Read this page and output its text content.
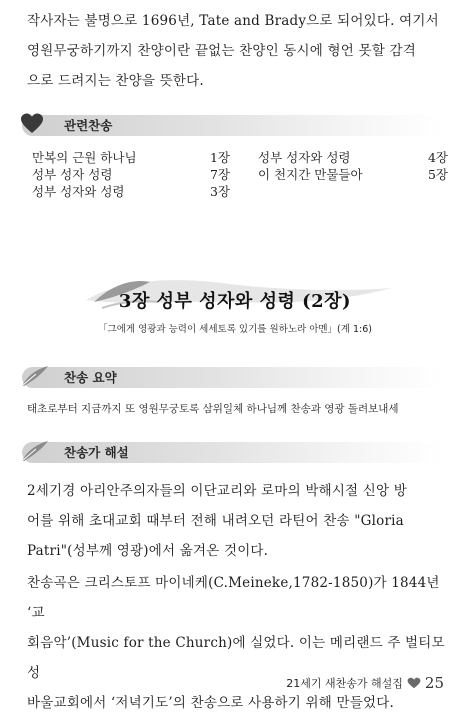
작사자는 불명으로 1696년, Tate and Brady으로 되어있다. 여기서
영원무궁하기까지 찬양이란 끝없는 찬양인 동시에 형언 못할 감격
으로 드려지는 찬양을 뜻한다.
관련찬송
만복의 근원 하나님	1장
성부 성자 성령	7장
성부 성자와 성령	3장
성부 성자와 성령	4장
이 천지간 만물들아	5장
3장 성부 성자와 성령 (2장)
「그에게 영광과 능력이 세세토록 있기를 원하노라 아멘」(계 1:6)
찬송 요약
태초로부터 지금까지 또 영원무궁토록 삼위일체 하나님께 찬송과 영광 돌려보내세
찬송가 해설
2세기경 아리안주의자들의 이단교리와 로마의 박해시절 신앙 방
어를 위해 초대교회 때부터 전해 내려오던 라틴어 찬송 "Gloria
Patri"(성부께 영광)에서 옮겨온 것이다.
찬송곡은 크리스토프 마이네케(C.Meineke,1782-1850)가 1844년 ‘교
회음악’(Music for the Church)에 실었다. 이는 메리랜드 주 벌티모 성
바울교회에서 ‘저녁기도’의 찬송으로 사용하기 위해 만들었다.
21세기 새찬송가 해설집 25
